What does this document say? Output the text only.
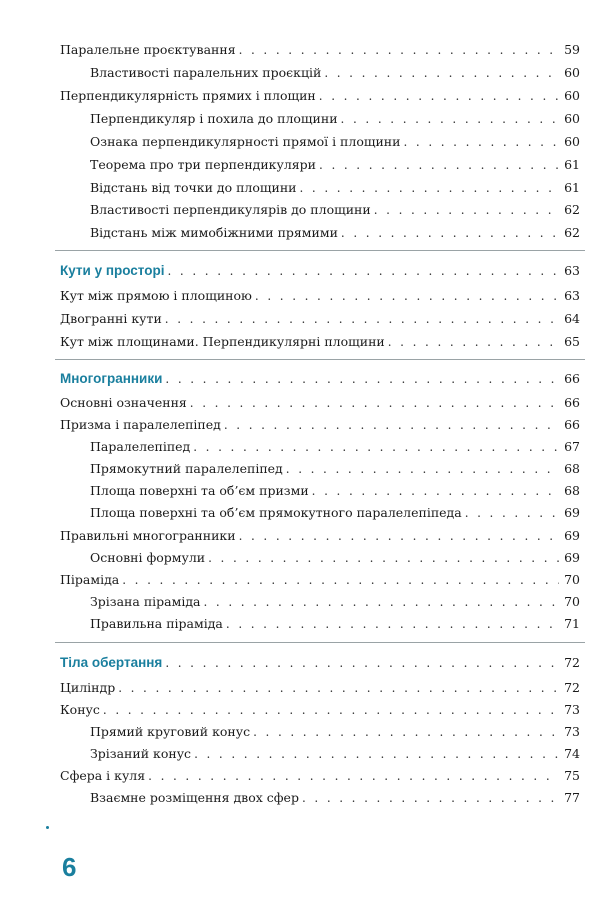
Паралельне проєктування . . .	59
Властивості паралельних проєкцій . . .	60
Перпендикулярність прямих і площин . . .	60
Перпендикуляр і похила до площини . . .	60
Ознака перпендикулярності прямої і площини . . .	60
Теорема про три перпендикуляри . . .	61
Відстань від точки до площини . . .	61
Властивості перпендикулярів до площини . . .	62
Відстань між мимобіжними прямими . . .	62
Кути у просторі . . .	63
Кут між прямою і площиною . . .	63
Двогранні кути . . .	64
Кут між площинами. Перпендикулярні площини . . .	65
Многогранники . . .	66
Основні означення . . .	66
Призма і паралелепіпед . . .	66
Паралелепіпед . . .	67
Прямокутний паралелепіпед . . .	68
Площа поверхні та об’єм призми . . .	68
Площа поверхні та об’єм прямокутного паралелепіпеда . . .	69
Правильні многогранники . . .	69
Основні формули . . .	69
Піраміда . . .	70
Зрізана піраміда . . .	70
Правильна піраміда . . .	71
Тіла обертання . . .	72
Циліндр . . .	72
Конус . . .	73
Прямий круговий конус . . .	73
Зрізаний конус . . .	74
Сфера і куля . . .	75
Взаємне розміщення двох сфер . . .	77
6
